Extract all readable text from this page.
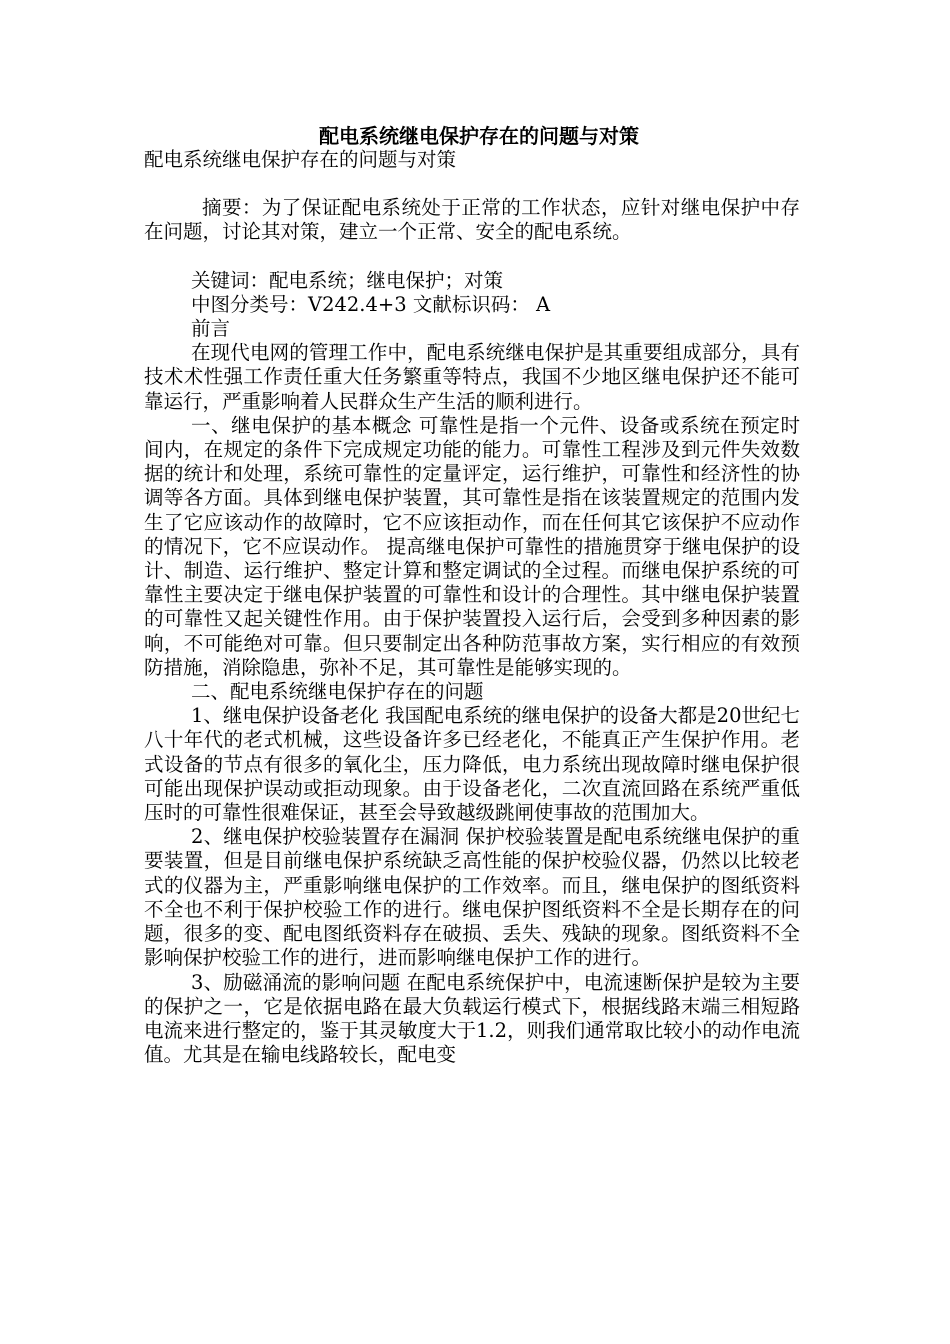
配电系统继电保护存在的问题与对策

配电系统继电保护存在的问题与对策

摘要：为了保证配电系统处于正常的工作状态，应针对继电保护中存在问题，讨论其对策，建立一个正常、安全的配电系统。

关键词：配电系统；继电保护；对策

中图分类号：V242.4+3 文献标识码： A

前言

在现代电网的管理工作中，配电系统继电保护是其重要组成部分，具有技术术性强工作责任重大任务繁重等特点，我国不少地区继电保护还不能可靠运行，严重影响着人民群众生产生活的顺利进行。

一、继电保护的基本概念 可靠性是指一个元件、设备或系统在预定时间内，在规定的条件下完成规定功能的能力。可靠性工程涉及到元件失效数据的统计和处理，系统可靠性的定量评定，运行维护，可靠性和经济性的协调等各方面。具体到继电保护装置，其可靠性是指在该装置规定的范围内发生了它应该动作的故障时，它不应该拒动作，而在任何其它该保护不应动作的情况下，它不应误动作。 提高继电保护可靠性的措施贯穿于继电保护的设计、制造、运行维护、整定计算和整定调试的全过程。而继电保护系统的可靠性主要决定于继电保护装置的可靠性和设计的合理性。其中继电保护装置的可靠性又起关键性作用。由于保护装置投入运行后，会受到多种因素的影响，不可能绝对可靠。但只要制定出各种防范事故方案，实行相应的有效预防措施，消除隐患，弥补不足，其可靠性是能够实现的。

二、配电系统继电保护存在的问题

1、继电保护设备老化 我国配电系统的继电保护的设备大都是20世纪七八十年代的老式机械，这些设备许多已经老化，不能真正产生保护作用。老式设备的节点有很多的氧化尘，压力降低，电力系统出现故障时继电保护很可能出现保护误动或拒动现象。由于设备老化，二次直流回路在系统严重低压时的可靠性很难保证，甚至会导致越级跳闸使事故的范围加大。

2、继电保护校验装置存在漏洞 保护校验装置是配电系统继电保护的重要装置，但是目前继电保护系统缺乏高性能的保护校验仪器，仍然以比较老式的仪器为主，严重影响继电保护的工作效率。而且，继电保护的图纸资料不全也不利于保护校验工作的进行。继电保护图纸资料不全是长期存在的问题，很多的变、配电图纸资料存在破损、丢失、残缺的现象。图纸资料不全影响保护校验工作的进行，进而影响继电保护工作的进行。

3、励磁涌流的影响问题 在配电系统保护中，电流速断保护是较为主要的保护之一，它是依据电路在最大负载运行模式下，根据线路末端三相短路电流来进行整定的，鉴于其灵敏度大于1.2，则我们通常取比较小的动作电流值。尤其是在输电线路较长，配电变
